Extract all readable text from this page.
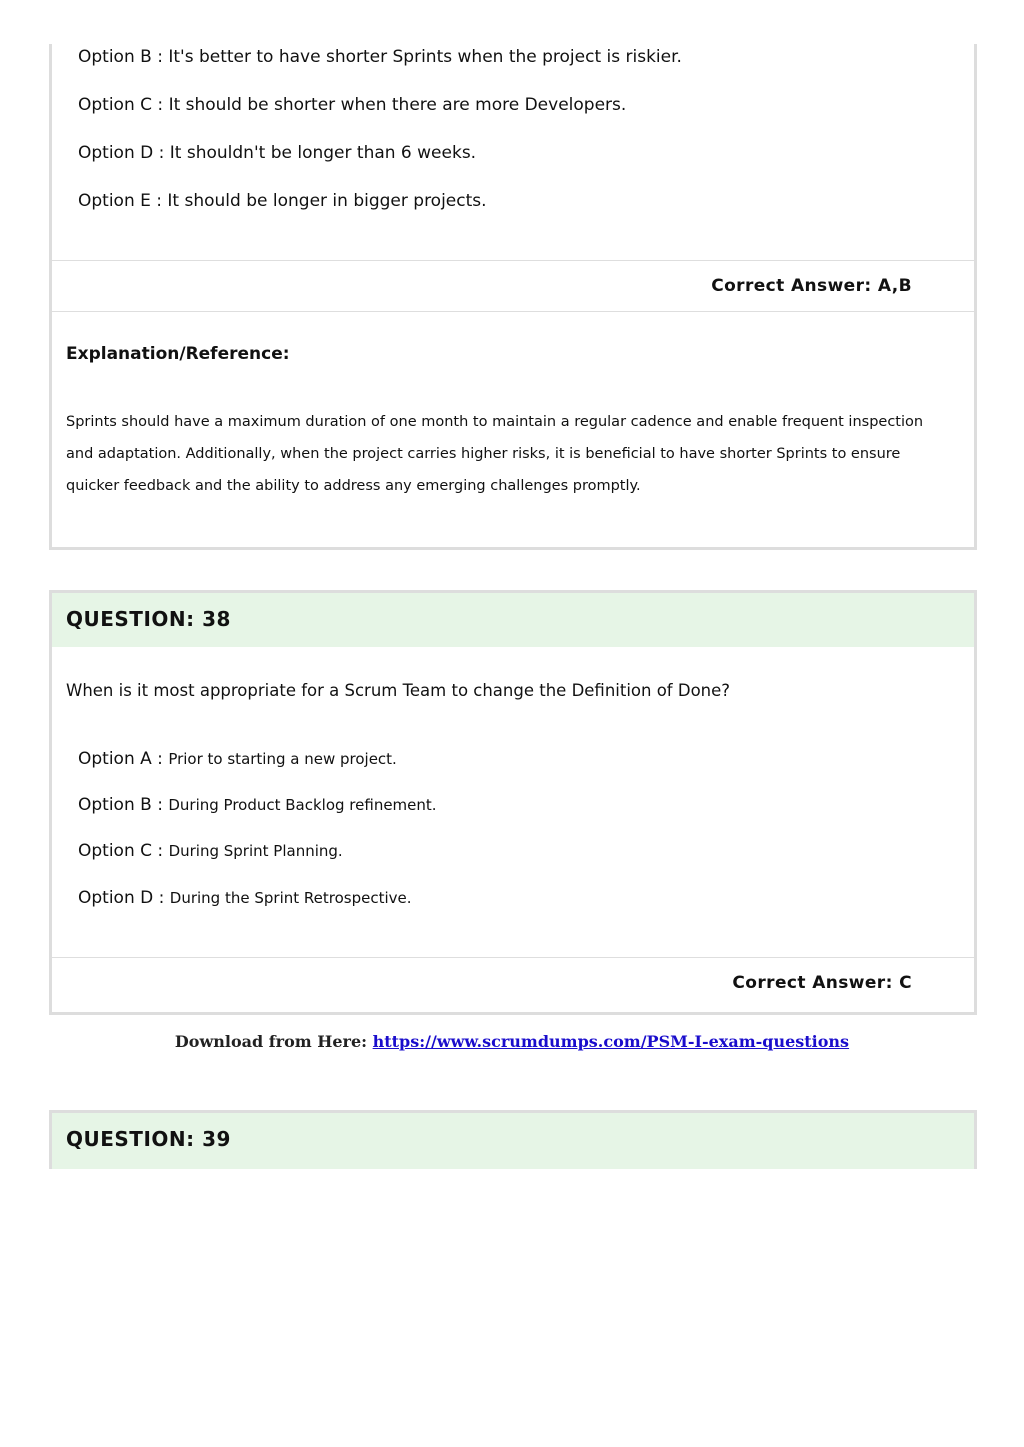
Option B : It's better to have shorter Sprints when the project is riskier.
Option C : It should be shorter when there are more Developers.
Option D : It shouldn't be longer than 6 weeks.
Option E : It should be longer in bigger projects.
Correct Answer: A,B
Explanation/Reference:
Sprints should have a maximum duration of one month to maintain a regular cadence and enable frequent inspection and adaptation. Additionally, when the project carries higher risks, it is beneficial to have shorter Sprints to ensure quicker feedback and the ability to address any emerging challenges promptly.
QUESTION: 38
When is it most appropriate for a Scrum Team to change the Definition of Done?
Option A : Prior to starting a new project.
Option B : During Product Backlog refinement.
Option C : During Sprint Planning.
Option D : During the Sprint Retrospective.
Correct Answer: C
Download from Here: https://www.scrumdumps.com/PSM-I-exam-questions
QUESTION: 39
